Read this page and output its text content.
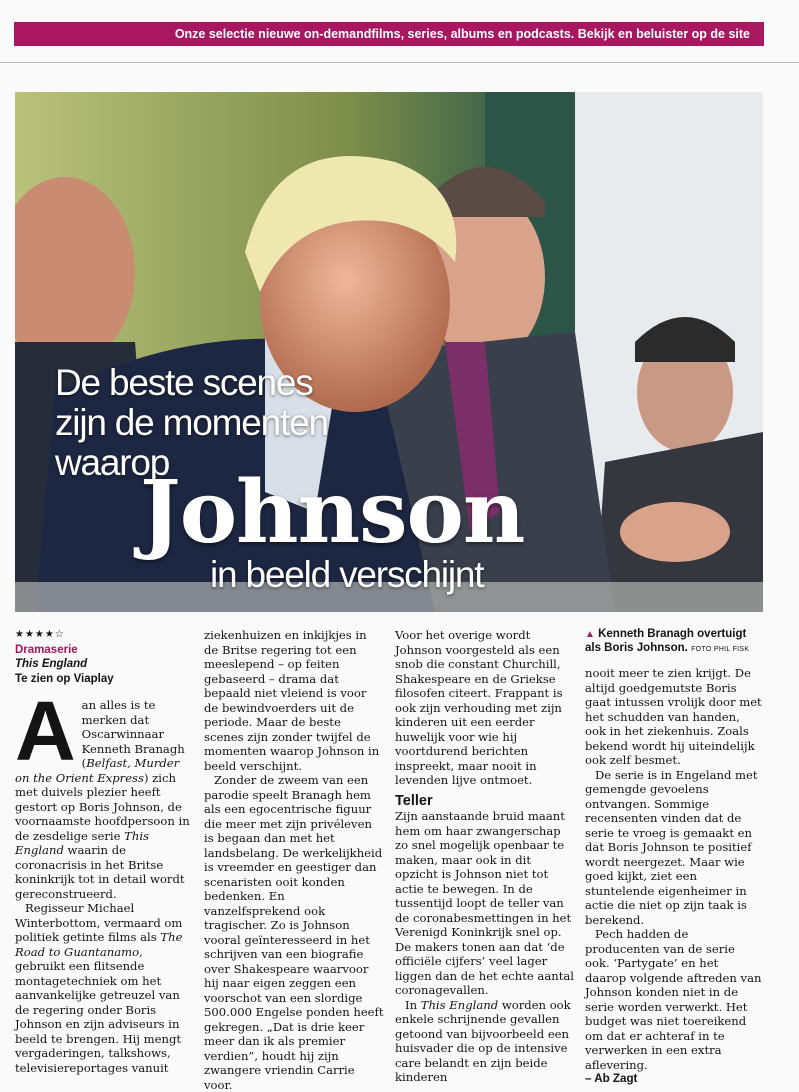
Onze selectie nieuwe on-demandfilms, series, albums en podcasts. Bekijk en beluister op de site
De beste scenes
zijn de momenten
waarop
Johnson
in beeld verschijnt
★★★★☆
Dramaserie
This England
Te zien op Viaplay

Aan alles is te merken dat Oscarwinnaar Kenneth Branagh (Belfast, Murder on the Orient Express) zich met duivels plezier heeft gestort op Boris Johnson, de voornaamste hoofdpersoon in de zesdelige serie This England waarin de coronacrisis in het Britse koninkrijk tot in detail wordt gereconstrueerd.

Regisseur Michael Winterbottom, vermaard om politiek getinte films als The Road to Guantanamo, gebruikt een flitsende montagetechniek om het aanvankelijke getreuzel van de regering onder Boris Johnson en zijn adviseurs in beeld te brengen. Hij mengt vergaderingen, talkshows, televisiereportages vanuit

ziekenhuizen en inkijkjes in de Britse regering tot een meeslepend – op feiten gebaseerd – drama dat bepaald niet vleiend is voor de bewindvoerders uit de periode. Maar de beste scenes zijn zonder twijfel de momenten waarop Johnson in beeld verschijnt.

Zonder de zweem van een parodie speelt Branagh hem als een egocentrische figuur die meer met zijn privéleven is begaan dan met het landsbelang. De werkelijkheid is vreemder en geestiger dan scenaristen ooit konden bedenken. En vanzelfsprekend ook tragischer. Zo is Johnson vooral geïnteresseerd in het schrijven van een biografie over Shakespeare waarvoor hij naar eigen zeggen een voorschot van een slordige 500.000 Engelse ponden heeft gekregen. „Dat is drie keer meer dan ik als premier verdien”, houdt hij zijn zwangere vriendin Carrie voor.

Voor het overige wordt Johnson voorgesteld als een snob die constant Churchill, Shakespeare en de Griekse filosofen citeert. Frappant is ook zijn verhouding met zijn kinderen uit een eerder huwelijk voor wie hij voortdurend berichten inspreekt, maar nooit in levenden lijve ontmoet.

Teller

Zijn aanstaande bruid maant hem om haar zwangerschap zo snel mogelijk openbaar te maken, maar ook in dit opzicht is Johnson niet tot actie te bewegen. In de tussentijd loopt de teller van de coronabesmettingen in het Verenigd Koninkrijk snel op. De makers tonen aan dat ‘de officiële cijfers’ veel lager liggen dan de het echte aantal coronagevallen.

In This England worden ook enkele schrijnende gevallen getoond van bijvoorbeeld een huisvader die op de intensive care belandt en zijn beide kinderen

▲ Kenneth Branagh overtuigt als Boris Johnson. FOTO PHIL FISK

nooit meer te zien krijgt. De altijd goedgemutste Boris gaat intussen vrolijk door met het schudden van handen, ook in het ziekenhuis. Zoals bekend wordt hij uiteindelijk ook zelf besmet.

De serie is in Engeland met gemengde gevoelens ontvangen. Sommige recensenten vinden dat de serie te vroeg is gemaakt en dat Boris Johnson te positief wordt neergezet. Maar wie goed kijkt, ziet een stuntelende eigenheimer in actie die niet op zijn taak is berekend.

Pech hadden de producenten van de serie ook. ‘Partygate’ en het daarop volgende aftreden van Johnson konden niet in de serie worden verwerkt. Het budget was niet toereikend om dat er achteraf in te verwerken in een extra aflevering.

– Ab Zagt
